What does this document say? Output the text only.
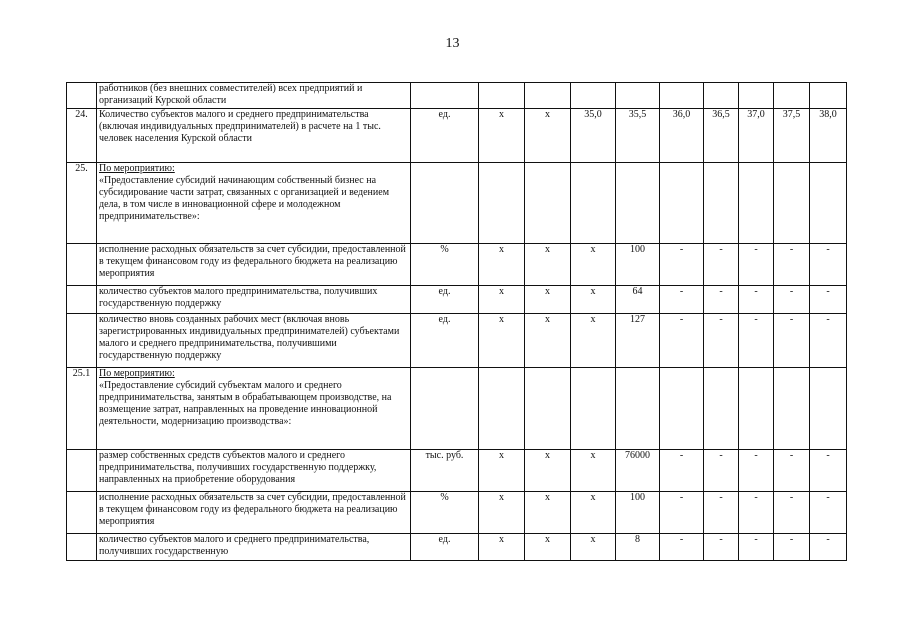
13

	работников (без внешних совместителей) всех предприятий и организаций Курской области										

24.	Количество субъектов малого и среднего предпринимательства (включая индивидуальных предпринимателей) в расчете на 1 тыс. человек населения Курской области	ед.	х	х	35,0	35,5	36,0	36,5	37,0	37,5	38,0
25.	По мероприятию:
«Предоставление субсидий начинающим собственный бизнес на субсидирование части затрат, связанных с организацией и ведением дела, в том числе в инновационной сфере и молодежном предпринимательстве»:										

	исполнение расходных обязательств за счет субсидии, предоставленной в текущем финансовом году из федерального бюджета на реализацию мероприятия	%	х	х	х	100	-	-	-	-	-

	количество субъектов малого предпринимательства, получивших государственную поддержку	ед.	х	х	х	64	-	-	-	-	-

	количество вновь созданных рабочих мест (включая вновь зарегистрированных индивидуальных предпринимателей) субъектами малого и среднего предпринимательства, получившими государственную поддержку	ед.	х	х	х	127	-	-	-	-	-
25.1	По мероприятию:
«Предоставление субсидий субъектам малого и среднего предпринимательства, занятым в обрабатывающем производстве, на возмещение затрат, направленных на проведение инновационной деятельности, модернизацию производства»:										

	размер собственных средств субъектов малого и среднего предпринимательства, получивших государственную поддержку, направленных на приобретение оборудования	тыс. руб.	х	х	х	76000	-	-	-	-	-

	исполнение расходных обязательств за счет субсидии, предоставленной в текущем финансовом году из федерального бюджета на реализацию мероприятия	%	х	х	х	100	-	-	-	-	-

	количество субъектов малого и среднего предпринимательства, получивших государственную	ед.	х	х	х	8	-	-	-	-	-
